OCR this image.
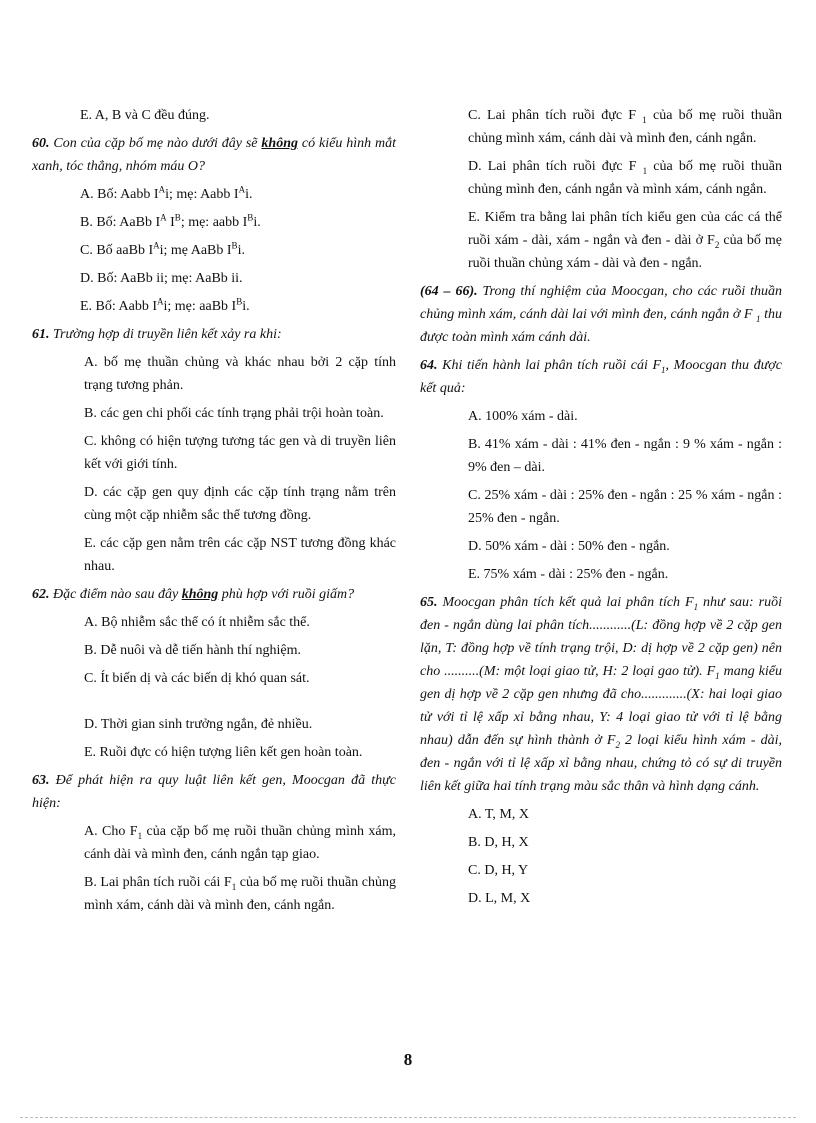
E. A, B và C đều đúng.

60. Con của cặp bố mẹ nào dưới đây sẽ không có kiểu hình mắt xanh, tóc thẳng, nhóm máu O?

A. Bố: Aabb $I^Ai$; mẹ: Aabb $I^Ai$.

B. Bố: AaBb $I^A$ $I^B$; mẹ: aabb $I^Bi$.

C. Bố aaBb $I^Ai$; mẹ AaBb $I^Bi$.

D. Bố: AaBb ii; mẹ: AaBb ii.

E. Bố: Aabb $I^Ai$; mẹ: aaBb $I^Bi$.

61. Trường hợp di truyền liên kết xảy ra khi:

A. bố mẹ thuần chủng và khác nhau bởi 2 cặp tính trạng tương phản.

B. các gen chi phối các tính trạng phải trội hoàn toàn.

C. không có hiện tượng tương tác gen và di truyền liên kết với giới tính.

D. các cặp gen quy định các cặp tính trạng nằm trên cùng một cặp nhiễm sắc thể tương đồng.

E. các cặp gen nằm trên các cặp NST tương đồng khác nhau.

62. Đặc điểm nào sau đây không phù hợp với ruồi giấm?

A. Bộ nhiễm sắc thể có ít nhiễm sắc thể.

B. Dễ nuôi và dễ tiến hành thí nghiệm.

C. Ít biến dị và các biến dị khó quan sát.

D. Thời gian sinh trưởng ngắn, đẻ nhiều.

E. Ruồi đực có hiện tượng liên kết gen hoàn toàn.

63. Để phát hiện ra quy luật liên kết gen, Moocgan đã thực hiện:

A. Cho $F_1$ của cặp bố mẹ ruồi thuần chủng mình xám, cánh dài và mình đen, cánh ngắn tạp giao.

B. Lai phân tích ruồi cái $F_1$ của bố mẹ ruồi thuần chủng mình xám, cánh dài và mình đen, cánh ngắn.

C. Lai phân tích ruồi đực F $_1$ của bố mẹ ruồi thuần chủng mình xám, cánh dài và mình đen, cánh ngắn.

D. Lai phân tích ruồi đực F $_1$ của bố mẹ ruồi thuần chủng mình đen, cánh ngắn và mình xám, cánh ngắn.

E. Kiểm tra bằng lai phân tích kiểu gen của các cá thể ruồi xám - dài, xám - ngắn và đen - dài ở $F_2$ của bố mẹ ruồi thuần chủng xám - dài và đen - ngắn.

(64 – 66). Trong thí nghiệm của Moocgan, cho các ruồi thuần chủng mình xám, cánh dài lai với mình đen, cánh ngắn ở F $_1$ thu được toàn mình xám cánh dài.

64. Khi tiến hành lai phân tích ruồi cái $F_1$, Moocgan thu được kết quả:

A. 100% xám - dài.

B. 41% xám - dài : 41% đen - ngắn : 9 % xám - ngắn : 9% đen – dài.

C. 25% xám - dài : 25% đen - ngắn : 25 % xám - ngắn : 25% đen - ngắn.

D. 50% xám - dài : 50% đen - ngắn.

E. 75% xám - dài : 25% đen - ngắn.

65. Moocgan phân tích kết quả lai phân tích $F_1$ như sau: ruồi đen - ngắn dùng lai phân tích............(L: đồng hợp về 2 cặp gen lặn, T: đồng hợp về tính trạng trội, D: dị hợp về 2 cặp gen) nên cho ..........(M: một loại giao tử, H: 2 loại gao tử). $F_1$ mang kiểu gen dị hợp về 2 cặp gen nhưng đã cho.............(X: hai loại giao tử với tỉ lệ xấp xỉ bằng nhau, Y: 4 loại giao tử với tỉ lệ bằng nhau) dẫn đến sự hình thành ở $F_2$ 2 loại kiểu hình xám - dài, đen - ngắn với tỉ lệ xấp xỉ bằng nhau, chứng tỏ có sự di truyền liên kết giữa hai tính trạng màu sắc thân và hình dạng cánh.

A. T, M, X

B. D, H, X

C. D, H, Y

D. L, M, X

8
